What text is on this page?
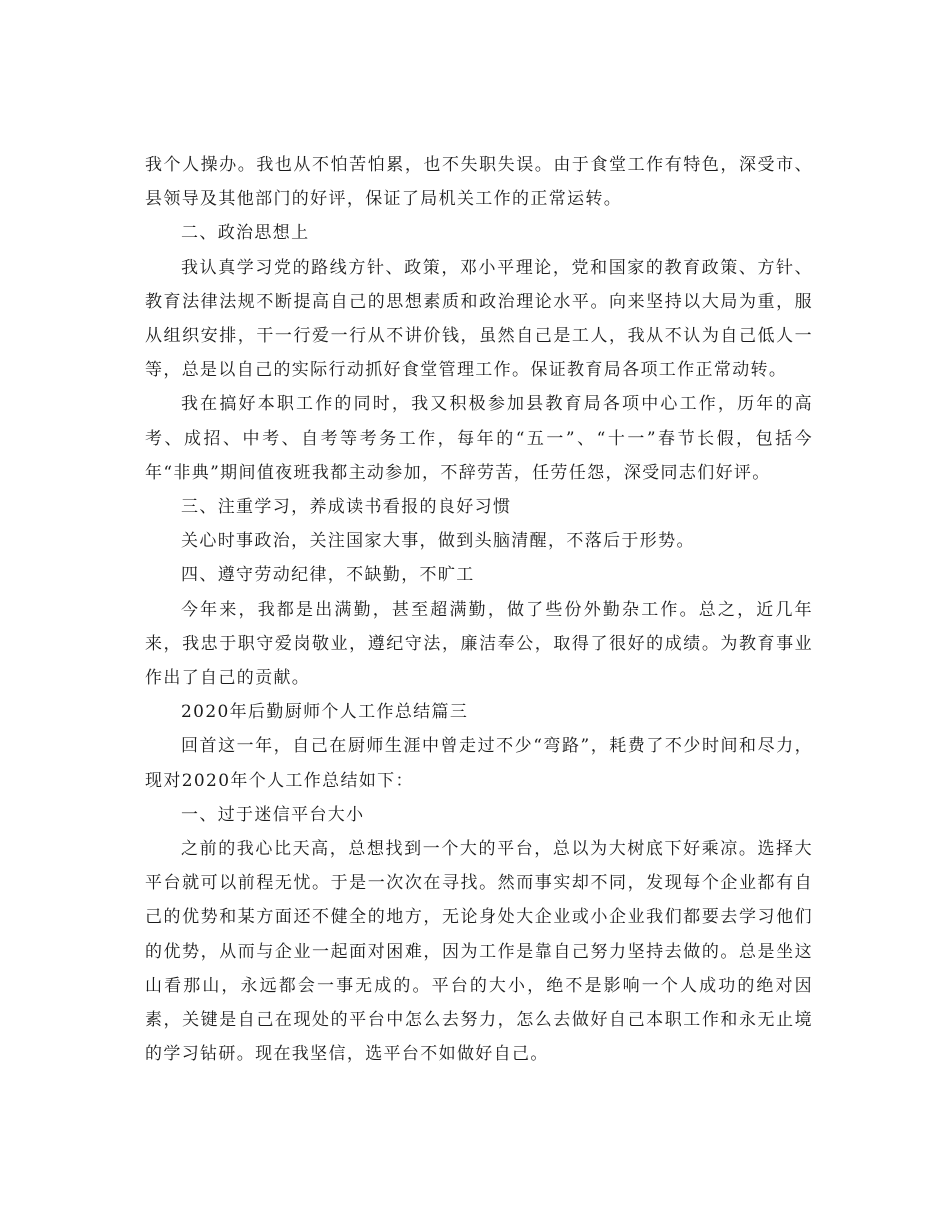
我个人操办。我也从不怕苦怕累，也不失职失误。由于食堂工作有特色，深受市、县领导及其他部门的好评，保证了局机关工作的正常运转。

二、政治思想上

我认真学习党的路线方针、政策，邓小平理论，党和国家的教育政策、方针、教育法律法规不断提高自己的思想素质和政治理论水平。向来坚持以大局为重，服从组织安排，干一行爱一行从不讲价钱，虽然自己是工人，我从不认为自己低人一等，总是以自己的实际行动抓好食堂管理工作。保证教育局各项工作正常动转。

我在搞好本职工作的同时，我又积极参加县教育局各项中心工作，历年的高考、成招、中考、自考等考务工作，每年的“五一”、“十一”春节长假，包括今年“非典”期间值夜班我都主动参加，不辞劳苦，任劳任怨，深受同志们好评。

三、注重学习，养成读书看报的良好习惯

关心时事政治，关注国家大事，做到头脑清醒，不落后于形势。

四、遵守劳动纪律，不缺勤，不旷工

今年来，我都是出满勤，甚至超满勤，做了些份外勤杂工作。总之，近几年来，我忠于职守爱岗敬业，遵纪守法，廉洁奉公，取得了很好的成绩。为教育事业作出了自己的贡献。

2020年后勤厨师个人工作总结篇三

回首这一年，自己在厨师生涯中曾走过不少“弯路”，耗费了不少时间和尽力，现对2020年个人工作总结如下：

一、过于迷信平台大小

之前的我心比天高，总想找到一个大的平台，总以为大树底下好乘凉。选择大平台就可以前程无忧。于是一次次在寻找。然而事实却不同，发现每个企业都有自己的优势和某方面还不健全的地方，无论身处大企业或小企业我们都要去学习他们的优势，从而与企业一起面对困难，因为工作是靠自己努力坚持去做的。总是坐这山看那山，永远都会一事无成的。平台的大小，绝不是影响一个人成功的绝对因素，关键是自己在现处的平台中怎么去努力，怎么去做好自己本职工作和永无止境的学习钻研。现在我坚信，选平台不如做好自己。
